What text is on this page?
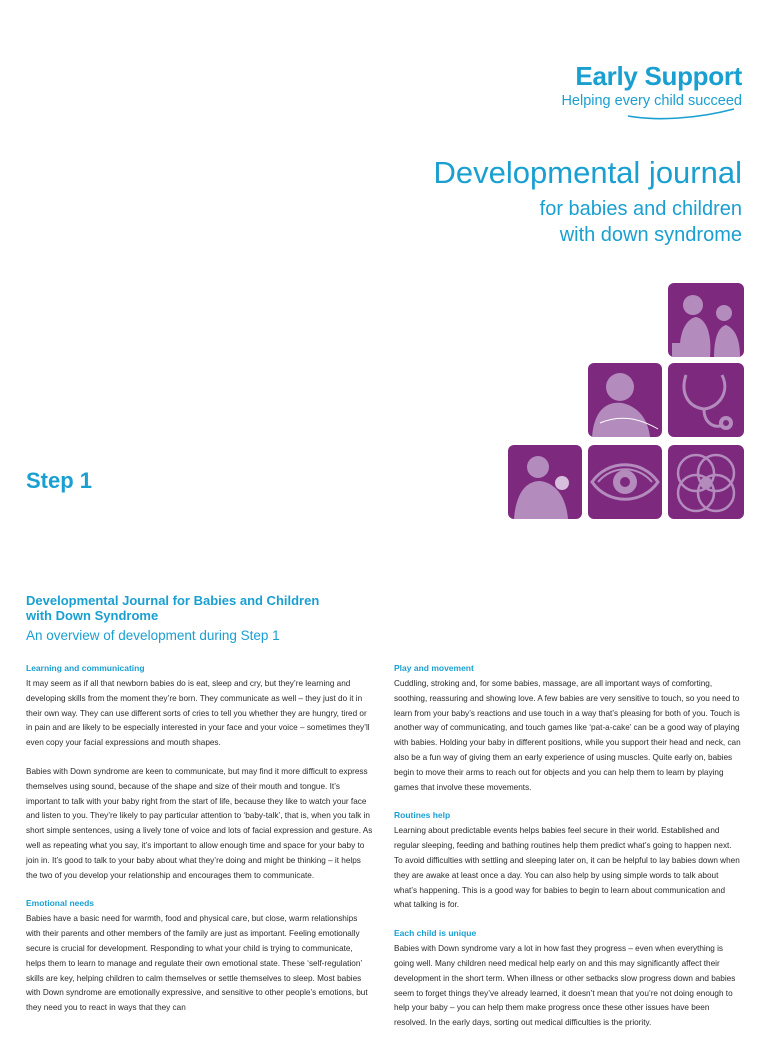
Early Support
Helping every child succeed
Developmental journal
for babies and children
with down syndrome
Step 1
Developmental Journal for Babies and Children with Down Syndrome
An overview of development during Step 1
Learning and communicating

It may seem as if all that newborn babies do is eat, sleep and cry, but they’re learning and developing skills from the moment they’re born. They communicate as well – they just do it in their own way. They can use different sorts of cries to tell you whether they are hungry, tired or in pain and are likely to be especially interested in your face and your voice – sometimes they’ll even copy your facial expressions and mouth shapes.

Babies with Down syndrome are keen to communicate, but may find it more difficult to express themselves using sound, because of the shape and size of their mouth and tongue. It’s important to talk with your baby right from the start of life, because they like to watch your face and listen to you. They’re likely to pay particular attention to ‘baby-talk’, that is, when you talk in short simple sentences, using a lively tone of voice and lots of facial expression and gesture. As well as repeating what you say, it’s important to allow enough time and space for your baby to join in. It’s good to talk to your baby about what they’re doing and might be thinking – it helps the two of you develop your relationship and encourages them to communicate.

Emotional needs

Babies have a basic need for warmth, food and physical care, but close, warm relationships with their parents and other members of the family are just as important. Feeling emotionally secure is crucial for development. Responding to what your child is trying to communicate, helps them to learn to manage and regulate their own emotional state. These ‘self-regulation’ skills are key, helping children to calm themselves or settle themselves to sleep. Most babies with Down syndrome are emotionally expressive, and sensitive to other people’s emotions, but they need you to react in ways that they can

Play and movement

Cuddling, stroking and, for some babies, massage, are all important ways of comforting, soothing, reassuring and showing love. A few babies are very sensitive to touch, so you need to learn from your baby’s reactions and use touch in a way that’s pleasing for both of you. Touch is another way of communicating, and touch games like ‘pat-a-cake’ can be a good way of playing with babies. Holding your baby in different positions, while you support their head and neck, can also be a fun way of giving them an early experience of using muscles. Quite early on, babies begin to move their arms to reach out for objects and you can help them to learn by playing games that involve these movements.

Routines help

Learning about predictable events helps babies feel secure in their world. Established and regular sleeping, feeding and bathing routines help them predict what’s going to happen next. To avoid difficulties with settling and sleeping later on, it can be helpful to lay babies down when they are awake at least once a day. You can also help by using simple words to talk about what’s happening. This is a good way for babies to begin to learn about communication and what talking is for.

Each child is unique

Babies with Down syndrome vary a lot in how fast they progress – even when everything is going well. Many children need medical help early on and this may significantly affect their development in the short term. When illness or other setbacks slow progress down and babies seem to forget things they’ve already learned, it doesn’t mean that you’re not doing enough to help your baby – you can help them make progress once these other issues have been resolved. In the early days, sorting out medical difficulties is the priority.
